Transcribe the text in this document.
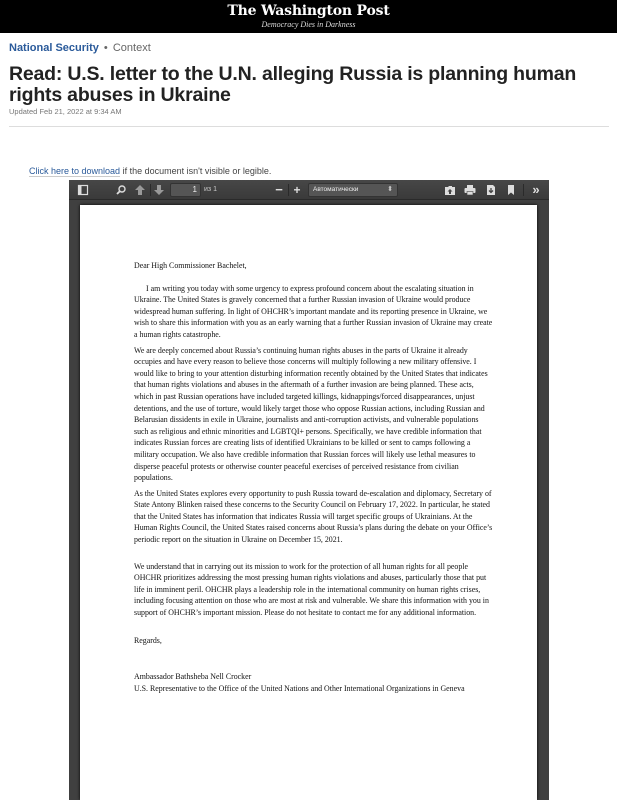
The Washington Post
Democracy Dies in Darkness
National Security • Context
Read: U.S. letter to the U.N. alleging Russia is planning human rights abuses in Ukraine
Updated Feb 21, 2022 at 9:34 AM
Click here to download if the document isn't visible or legible.
1	из 1	− +	Автоматически	⬍	»

Dear High Commissioner Bachelet,

I am writing you today with some urgency to express profound concern about the escalating situation in Ukraine. The United States is gravely concerned that a further Russian invasion of Ukraine would produce widespread human suffering. In light of OHCHR’s important mandate and its reporting presence in Ukraine, we wish to share this information with you as an early warning that a further Russian invasion of Ukraine may create a human rights catastrophe.

We are deeply concerned about Russia’s continuing human rights abuses in the parts of Ukraine it already occupies and have every reason to believe those concerns will multiply following a new military offensive. I would like to bring to your attention disturbing information recently obtained by the United States that indicates that human rights violations and abuses in the aftermath of a further invasion are being planned. These acts, which in past Russian operations have included targeted killings, kidnappings/forced disappearances, unjust detentions, and the use of torture, would likely target those who oppose Russian actions, including Russian and Belarusian dissidents in exile in Ukraine, journalists and anti-corruption activists, and vulnerable populations such as religious and ethnic minorities and LGBTQI+ persons. Specifically, we have credible information that indicates Russian forces are creating lists of identified Ukrainians to be killed or sent to camps following a military occupation. We also have credible information that Russian forces will likely use lethal measures to disperse peaceful protests or otherwise counter peaceful exercises of perceived resistance from civilian populations.

As the United States explores every opportunity to push Russia toward de-escalation and diplomacy, Secretary of State Antony Blinken raised these concerns to the Security Council on February 17, 2022. In particular, he stated that the United States has information that indicates Russia will target specific groups of Ukrainians. At the Human Rights Council, the United States raised concerns about Russia’s plans during the debate on your Office’s periodic report on the situation in Ukraine on December 15, 2021.

We understand that in carrying out its mission to work for the protection of all human rights for all people OHCHR prioritizes addressing the most pressing human rights violations and abuses, particularly those that put life in imminent peril. OHCHR plays a leadership role in the international community on human rights crises, including focusing attention on those who are most at risk and vulnerable. We share this information with you in support of OHCHR’s important mission. Please do not hesitate to contact me for any additional information.

Regards,

Ambassador Bathsheba Nell Crocker

U.S. Representative to the Office of the United Nations and Other International Organizations in Geneva
